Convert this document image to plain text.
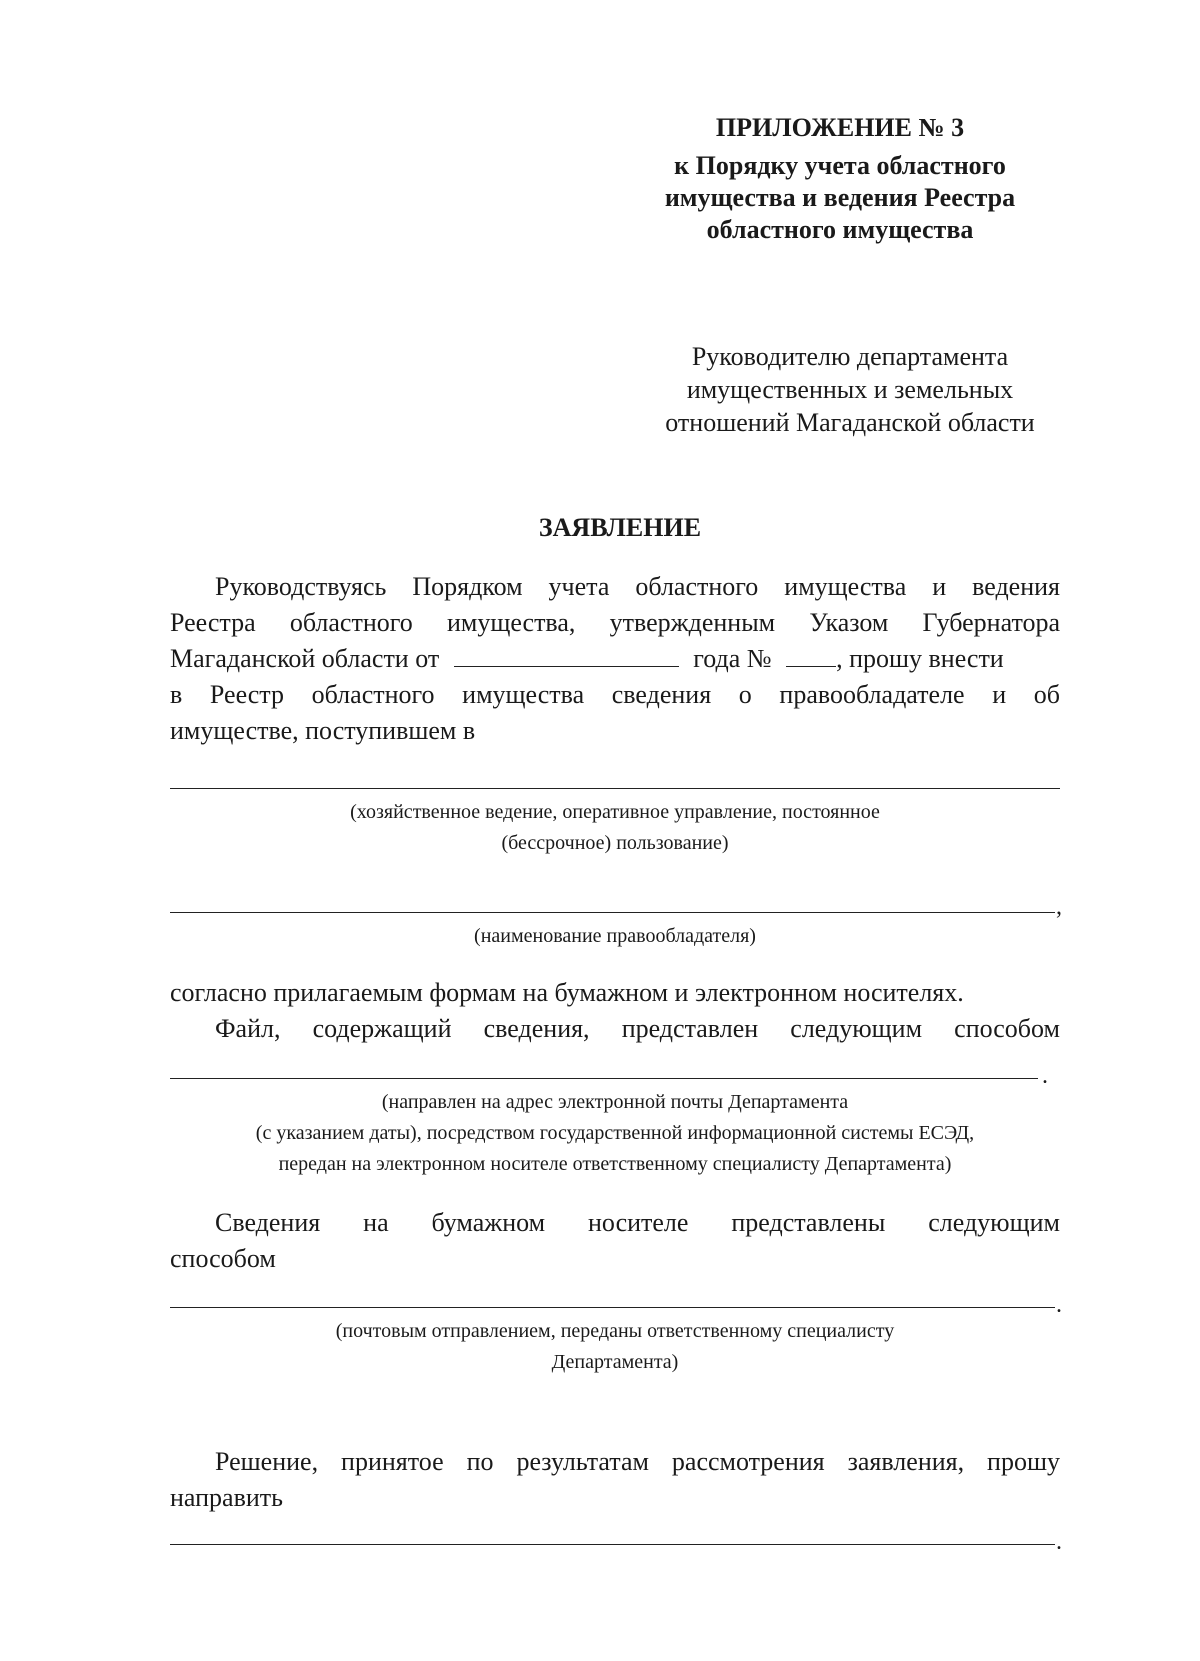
ПРИЛОЖЕНИЕ № 3
к Порядку учета областного
имущества и ведения Реестра
областного имущества
Руководителю департамента
имущественных и земельных
отношений Магаданской области
ЗАЯВЛЕНИЕ
Руководствуясь Порядком учета областного имущества и ведения
Реестра областного имущества, утвержденным Указом Губернатора
Магаданской области от	года № , прошу внести
в Реестр областного имущества сведения о правообладателе и об
имуществе, поступившем в
(хозяйственное ведение, оперативное управление, постоянное
(бессрочное) пользование)
,
(наименование правообладателя)
согласно прилагаемым формам на бумажном и электронном носителях.
Файл, содержащий сведения, представлен следующим способом
.
(направлен на адрес электронной почты Департамента
(с указанием даты), посредством государственной информационной системы ЕСЭД,
передан на электронном носителе ответственному специалисту Департамента)
Сведения на бумажном носителе представлены следующим
способом
.
(почтовым отправлением, переданы ответственному специалисту
Департамента)
Решение, принятое по результатам рассмотрения заявления, прошу
направить
.
